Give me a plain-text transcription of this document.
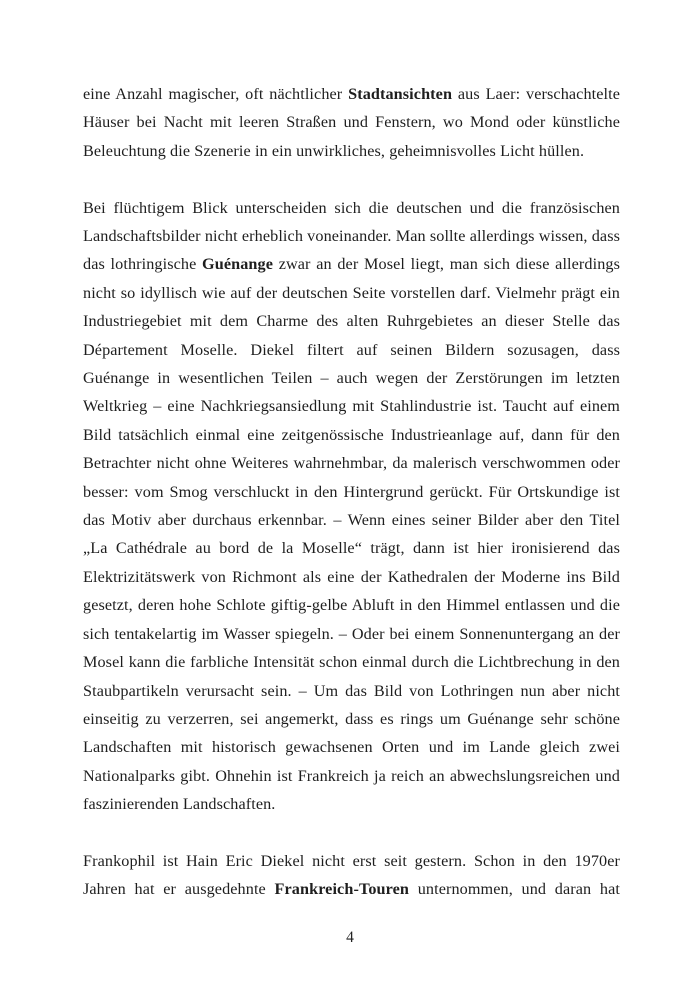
eine Anzahl magischer, oft nächtlicher Stadtansichten aus Laer: verschachtelte Häuser bei Nacht mit leeren Straßen und Fenstern, wo Mond oder künstliche Beleuchtung die Szenerie in ein unwirkliches, geheimnisvolles Licht hüllen.

Bei flüchtigem Blick unterscheiden sich die deutschen und die französischen Landschaftsbilder nicht erheblich voneinander. Man sollte allerdings wissen, dass das lothringische Guénange zwar an der Mosel liegt, man sich diese allerdings nicht so idyllisch wie auf der deutschen Seite vorstellen darf. Vielmehr prägt ein Industriegebiet mit dem Charme des alten Ruhrgebietes an dieser Stelle das Département Moselle. Diekel filtert auf seinen Bildern sozusagen, dass Guénange in wesentlichen Teilen – auch wegen der Zerstörungen im letzten Weltkrieg – eine Nachkriegsansiedlung mit Stahlindustrie ist. Taucht auf einem Bild tatsächlich einmal eine zeitgenössische Industrieanlage auf, dann für den Betrachter nicht ohne Weiteres wahrnehmbar, da malerisch verschwommen oder besser: vom Smog verschluckt in den Hintergrund gerückt. Für Ortskundige ist das Motiv aber durchaus erkennbar. – Wenn eines seiner Bilder aber den Titel „La Cathédrale au bord de la Moselle“ trägt, dann ist hier ironisierend das Elektrizitätswerk von Richmont als eine der Kathedralen der Moderne ins Bild gesetzt, deren hohe Schlote giftig-gelbe Abluft in den Himmel entlassen und die sich tentakelartig im Wasser spiegeln. – Oder bei einem Sonnenuntergang an der Mosel kann die farbliche Intensität schon einmal durch die Lichtbrechung in den Staubpartikeln verursacht sein. – Um das Bild von Lothringen nun aber nicht einseitig zu verzerren, sei angemerkt, dass es rings um Guénange sehr schöne Landschaften mit historisch gewachsenen Orten und im Lande gleich zwei Nationalparks gibt. Ohnehin ist Frankreich ja reich an abwechslungsreichen und faszinierenden Landschaften.

Frankophil ist Hain Eric Diekel nicht erst seit gestern. Schon in den 1970er Jahren hat er ausgedehnte Frankreich-Touren unternommen, und daran hat

4
